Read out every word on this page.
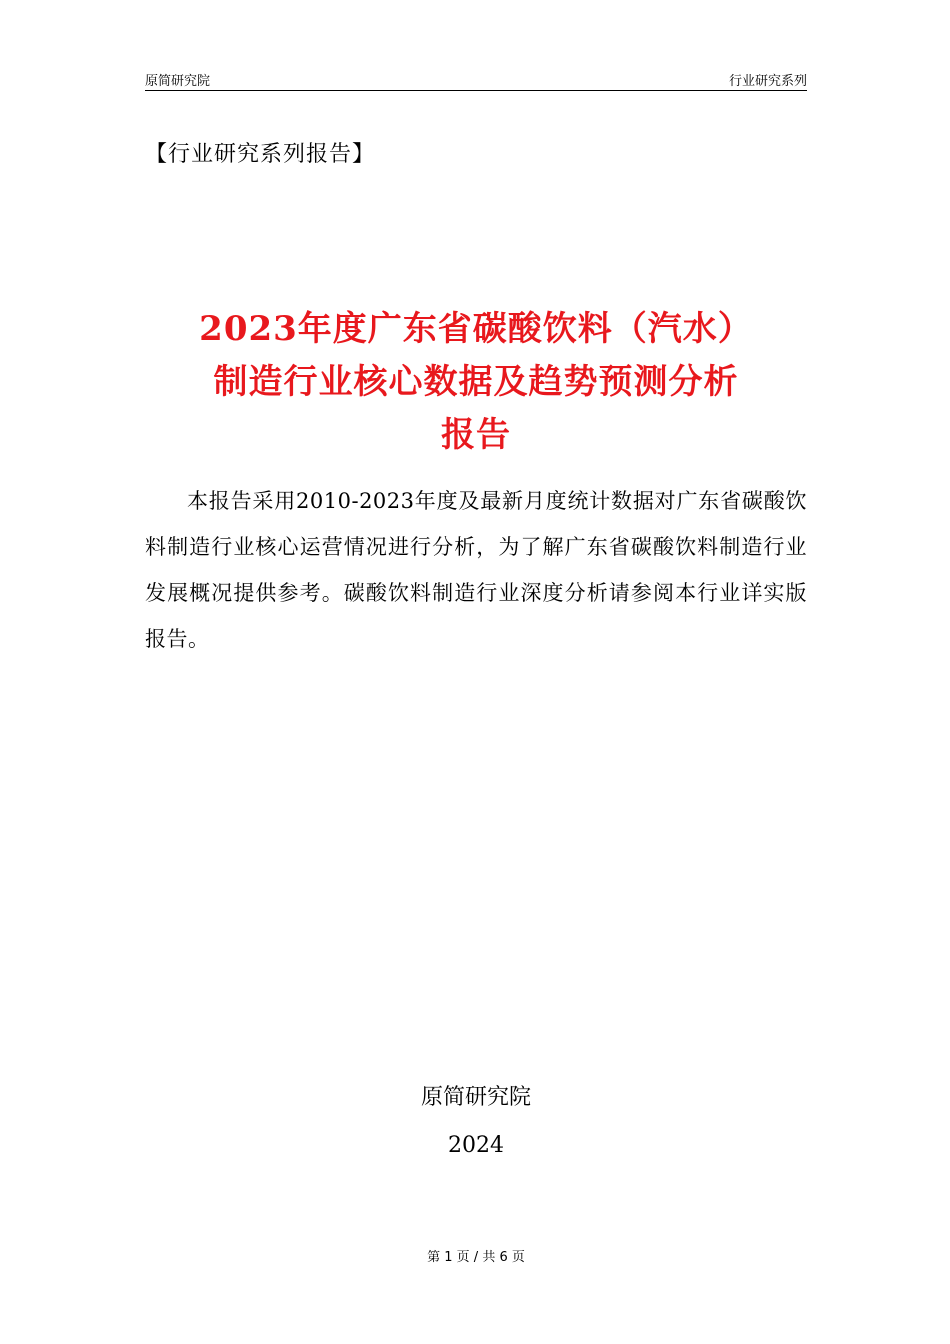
原简研究院	行业研究系列
【行业研究系列报告】
2023年度广东省碳酸饮料（汽水）
制造行业核心数据及趋势预测分析
报告
本报告采用2010-2023年度及最新月度统计数据对广东省碳酸饮料制造行业核心运营情况进行分析，为了解广东省碳酸饮料制造行业发展概况提供参考。碳酸饮料制造行业深度分析请参阅本行业详实版报告。
原简研究院
2024
第 1 页 / 共 6 页
